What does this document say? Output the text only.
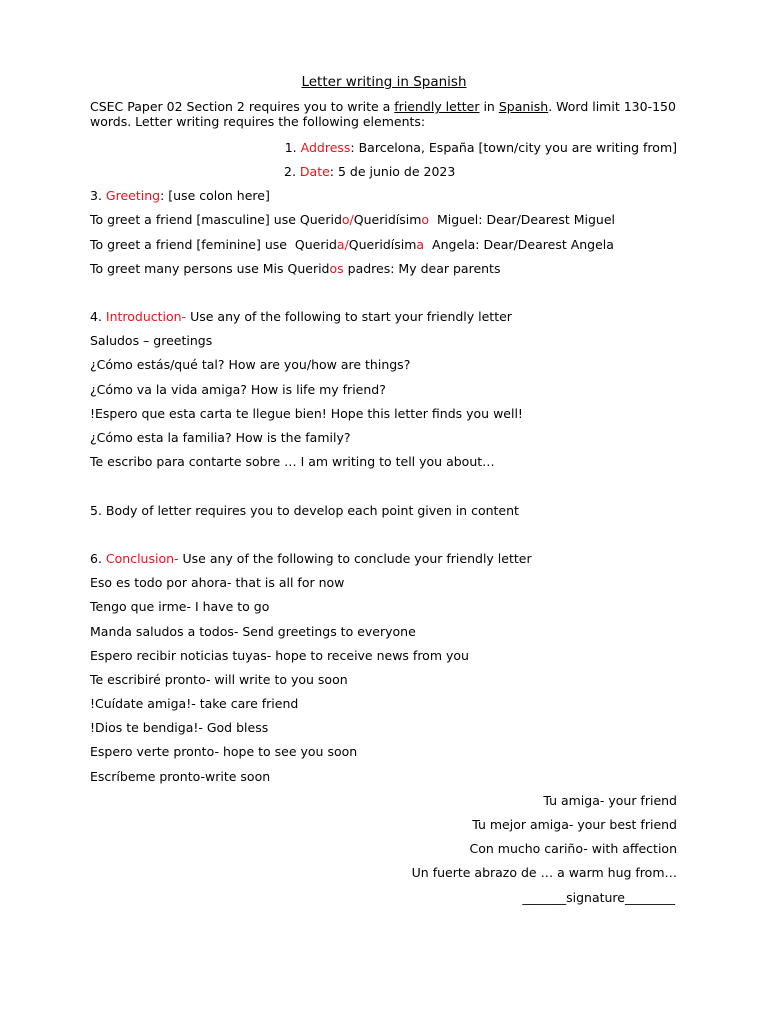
Letter writing in Spanish

CSEC Paper 02 Section 2 requires you to write a friendly letter in Spanish. Word limit 130-150 words. Letter writing requires the following elements:

1. Address: Barcelona, España [town/city you are writing from]

2. Date: 5 de junio de 2023

3. Greeting: [use colon here]

To greet a friend [masculine] use Querido/Queridísimo  Miguel: Dear/Dearest Miguel

To greet a friend [feminine] use  Querida/Queridísima  Angela: Dear/Dearest Angela

To greet many persons use Mis Queridos padres: My dear parents

4. Introduction- Use any of the following to start your friendly letter

Saludos – greetings

¿Cómo estás/qué tal? How are you/how are things?

¿Cómo va la vida amiga? How is life my friend?

!Espero que esta carta te llegue bien! Hope this letter finds you well!

¿Cómo esta la familia? How is the family?

Te escribo para contarte sobre … I am writing to tell you about…

5. Body of letter requires you to develop each point given in content

6. Conclusion- Use any of the following to conclude your friendly letter

Eso es todo por ahora- that is all for now

Tengo que irme- I have to go

Manda saludos a todos- Send greetings to everyone

Espero recibir noticias tuyas- hope to receive news from you

Te escribiré pronto- will write to you soon

!Cuídate amiga!- take care friend

!Dios te bendiga!- God bless

Espero verte pronto- hope to see you soon

Escríbeme pronto-write soon

Tu amiga- your friend

Tu mejor amiga- your best friend

Con mucho cariño- with affection

Un fuerte abrazo de … a warm hug from…

_______signature________
